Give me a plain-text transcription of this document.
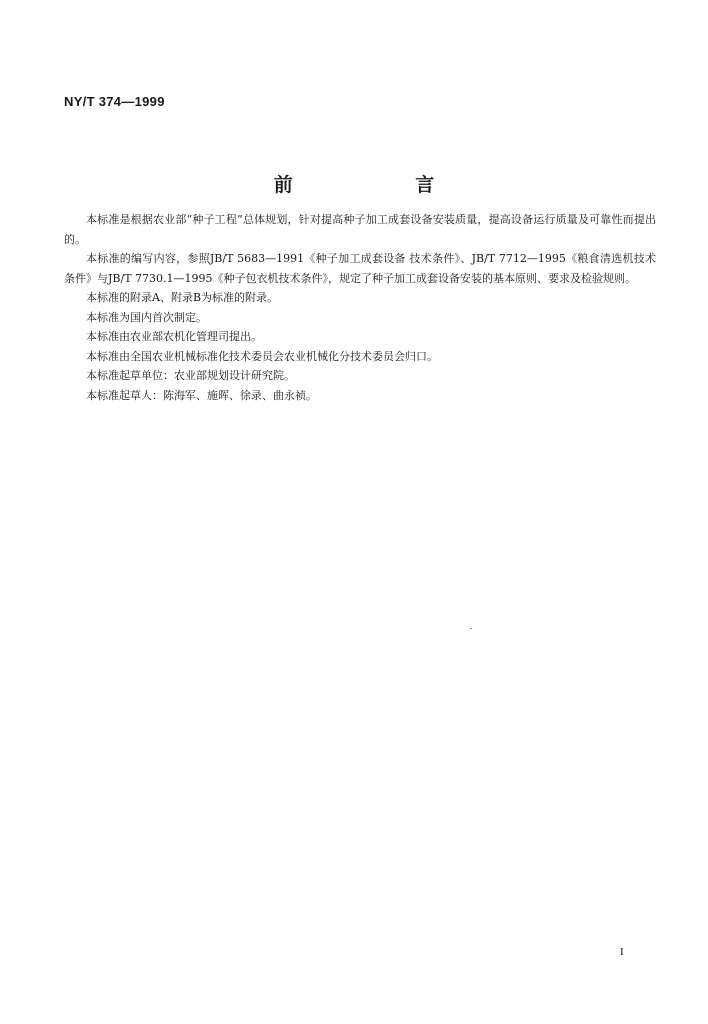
NY/T 374—1999
前 言

本标准是根据农业部“种子工程”总体规划，针对提高种子加工成套设备安装质量，提高设备运行质量及可靠性而提出的。

本标准的编写内容，参照JB/T 5683—1991《种子加工成套设备 技术条件》、JB/T 7712—1995《粮食清选机技术条件》与JB/T 7730.1—1995《种子包衣机技术条件》，规定了种子加工成套设备安装的基本原则、要求及检验规则。

本标准的附录A、附录B为标准的附录。

本标准为国内首次制定。

本标准由农业部农机化管理司提出。

本标准由全国农业机械标准化技术委员会农业机械化分技术委员会归口。

本标准起草单位：农业部规划设计研究院。

本标准起草人：陈海军、施晖、徐录、曲永祯。

I
